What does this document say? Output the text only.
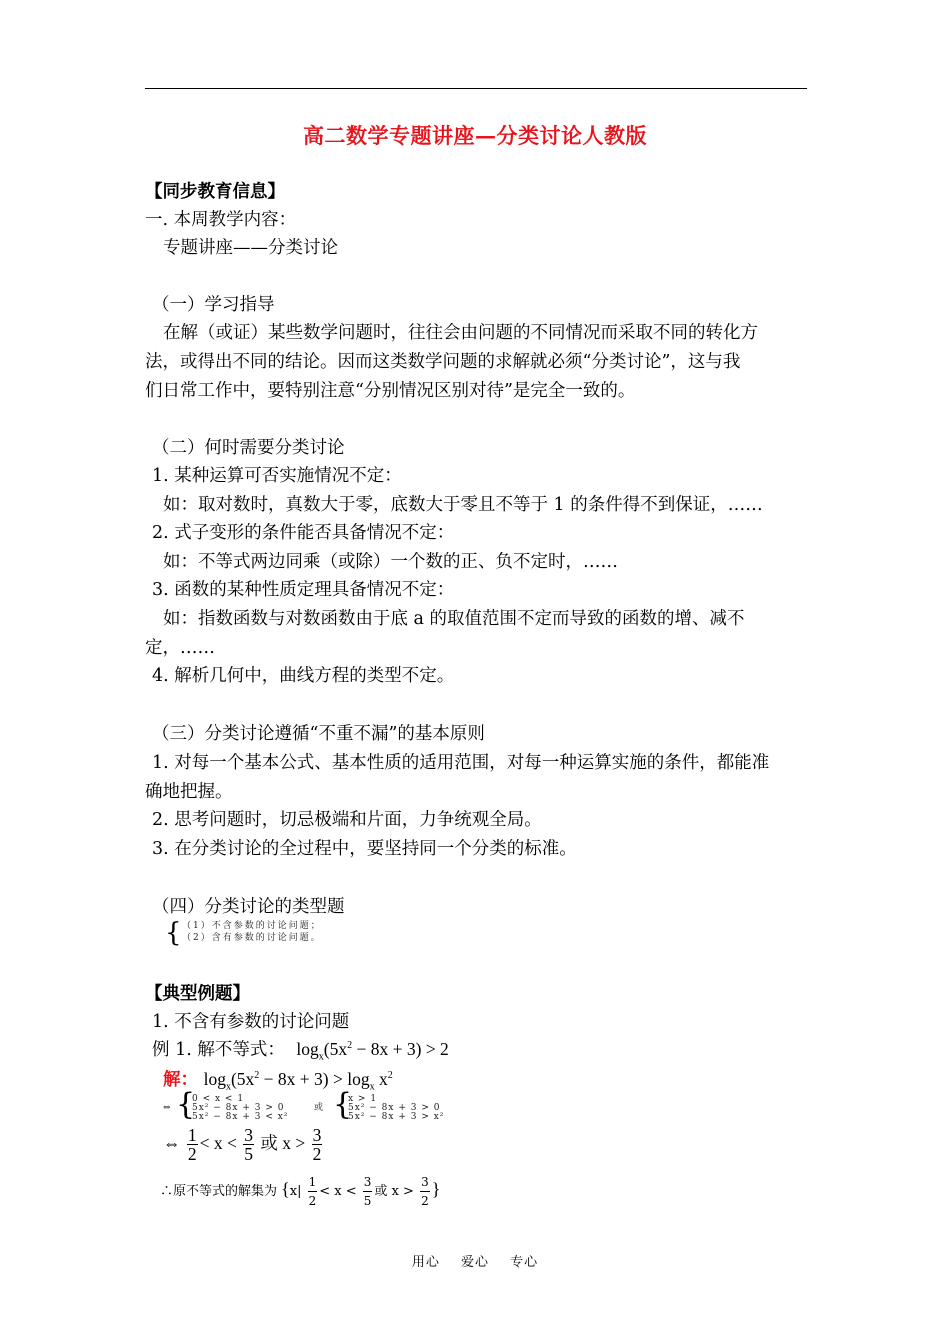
高二数学专题讲座—分类讨论人教版
【同步教育信息】
一. 本周教学内容：
专题讲座——分类讨论
（一）学习指导
在解（或证）某些数学问题时，往往会由问题的不同情况而采取不同的转化方
法，或得出不同的结论。因而这类数学问题的求解就必须“分类讨论”，这与我
们日常工作中，要特别注意“分别情况区别对待”是完全一致的。
（二）何时需要分类讨论
1. 某种运算可否实施情况不定：
如：取对数时，真数大于零，底数大于零且不等于 1 的条件得不到保证，……
2. 式子变形的条件能否具备情况不定：
如：不等式两边同乘（或除）一个数的正、负不定时，……
3. 函数的某种性质定理具备情况不定：
如：指数函数与对数函数由于底 a 的取值范围不定而导致的函数的增、减不
定，……
4. 解析几何中，曲线方程的类型不定。
（三）分类讨论遵循“不重不漏”的基本原则
1. 对每一个基本公式、基本性质的适用范围，对每一种运算实施的条件，都能准
确地把握。
2. 思考问题时，切忌极端和片面，力争统观全局。
3. 在分类讨论的全过程中，要坚持同一个分类的标准。
（四）分类讨论的类型题
{ （1）不含参数的讨论问题；
（2）含有参数的讨论问题。
【典型例题】
1. 不含有参数的讨论问题
例 1. 解不等式： $\log_x(5x^2 - 8x + 3) > 2$
解： $\log_x(5x^2 - 8x + 3) > \log_x x^2$
⇔ {
0 < x < 1
5x² − 8x + 3 > 0
5x² − 8x + 3 < x²
或 {
x > 1
5x² − 8x + 3 > 0
5x² − 8x + 3 > x²
⇔ $\frac{1}{2} < x < \frac{3}{5}$ 或 $x > \frac{3}{2}$
∴原不等式的解集为 {$x| \frac{1}{2} < x < \frac{3}{5}$ 或 $x > \frac{3}{2}$ }
用心 爱心 专心
